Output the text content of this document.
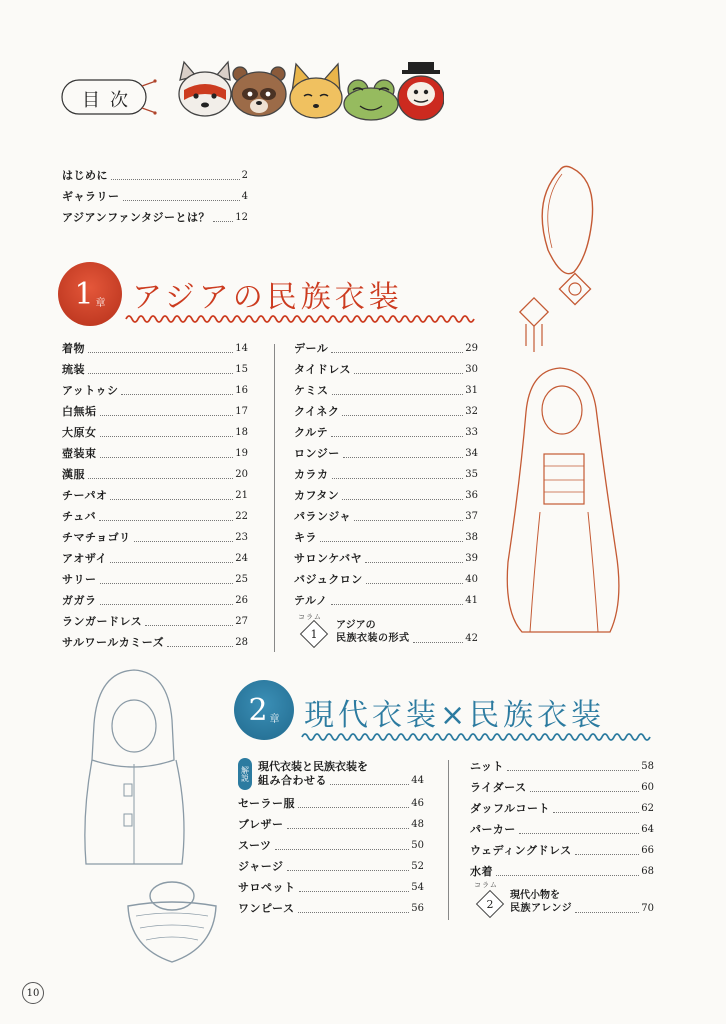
目次
はじめに	2
ギャラリー	4
アジアンファンタジーとは？	12
1 章 アジアの民族衣装
着物	14
琉装	15
アットゥシ	16
白無垢	17
大原女	18
壺装束	19
漢服	20
チーパオ	21
チュバ	22
チマチョゴリ	23
アオザイ	24
サリー	25
ガガラ	26
ランガードレス	27
サルワールカミーズ	28
デール	29
タイドレス	30
ケミス	31
クイネク	32
クルテ	33
ロンジー	34
カラカ	35
カフタン	36
パランジャ	37
キラ	38
サロンケバヤ	39
バジュクロン	40
テルノ	41
コラム
1
アジアの
民族衣装の形式	42
2 章 現代衣装×民族衣装
解説 現代衣装と民族衣装を
組み合わせる	44
セーラー服	46
ブレザー	48
スーツ	50
ジャージ	52
サロペット	54
ワンピース	56
ニット	58
ライダース	60
ダッフルコート	62
パーカー	64
ウェディングドレス	66
水着	68
コラム
2
現代小物を
民族アレンジ	70
10
